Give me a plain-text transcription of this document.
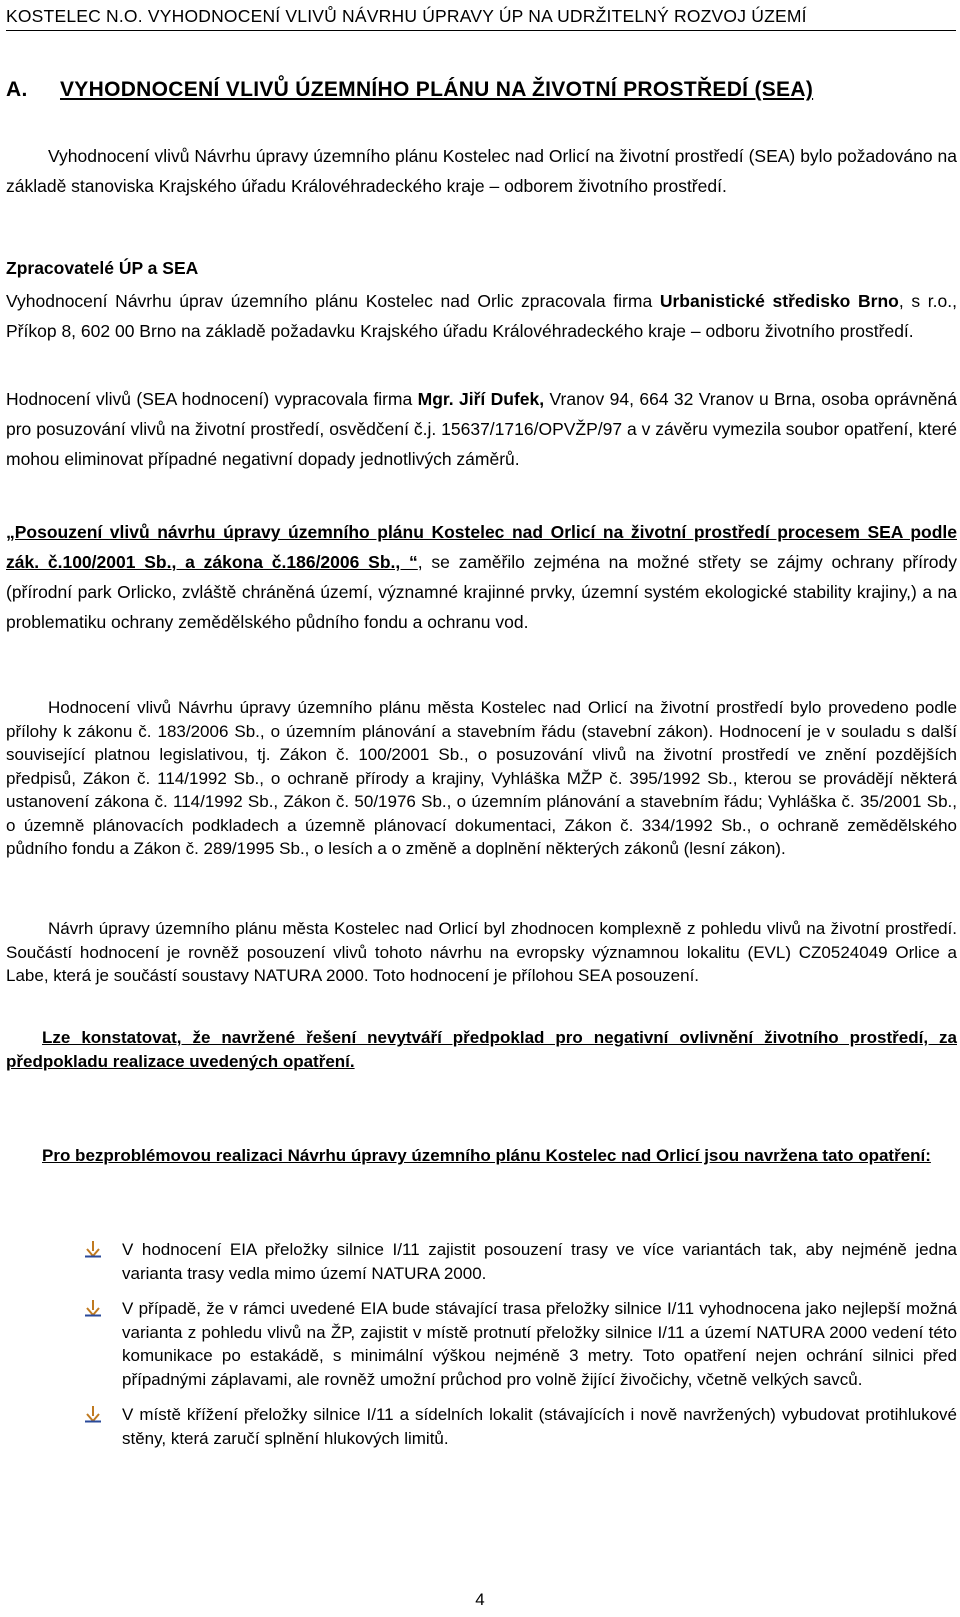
KOSTELEC N.O. VYHODNOCENÍ VLIVŮ NÁVRHU ÚPRAVY ÚP NA UDRŽITELNÝ ROZVOJ ÚZEMÍ
A. VYHODNOCENÍ VLIVŮ ÚZEMNÍHO PLÁNU NA ŽIVOTNÍ PROSTŘEDÍ (SEA)

Vyhodnocení vlivů Návrhu úpravy územního plánu Kostelec nad Orlicí na životní prostředí (SEA) bylo požadováno na základě stanoviska Krajského úřadu Královéhradeckého kraje – odborem životního prostředí.

Zpracovatelé ÚP a SEA

Vyhodnocení Návrhu úprav územního plánu Kostelec nad Orlic zpracovala firma Urbanistické středisko Brno, s r.o., Příkop 8, 602 00 Brno na základě požadavku Krajského úřadu Královéhradeckého kraje – odboru životního prostředí.

Hodnocení vlivů (SEA hodnocení) vypracovala firma Mgr. Jiří Dufek, Vranov 94, 664 32 Vranov u Brna, osoba oprávněná pro posuzování vlivů na životní prostředí, osvědčení č.j. 15637/1716/OPVŽP/97 a v závěru vymezila soubor opatření, které mohou eliminovat případné negativní dopady jednotlivých záměrů.

„Posouzení vlivů návrhu úpravy územního plánu Kostelec nad Orlicí na životní prostředí procesem SEA podle zák. č.100/2001 Sb., a zákona č.186/2006 Sb., “, se zaměřilo zejména na možné střety se zájmy ochrany přírody (přírodní park Orlicko, zvláště chráněná území, významné krajinné prvky, územní systém ekologické stability krajiny,) a na problematiku ochrany zemědělského půdního fondu a ochranu vod.

Hodnocení vlivů Návrhu úpravy územního plánu města Kostelec nad Orlicí na životní prostředí bylo provedeno podle přílohy k zákonu č. 183/2006 Sb., o územním plánování a stavebním řádu (stavební zákon). Hodnocení je v souladu s další související platnou legislativou, tj. Zákon č. 100/2001 Sb., o posuzování vlivů na životní prostředí ve znění pozdějších předpisů, Zákon č. 114/1992 Sb., o ochraně přírody a krajiny, Vyhláška MŽP č. 395/1992 Sb., kterou se provádějí některá ustanovení zákona č. 114/1992 Sb., Zákon č. 50/1976 Sb., o územním plánování a stavebním řádu; Vyhláška č. 35/2001 Sb., o územně plánovacích podkladech a územně plánovací dokumentaci, Zákon č. 334/1992 Sb., o ochraně zemědělského půdního fondu a Zákon č. 289/1995 Sb., o lesích a o změně a doplnění některých zákonů (lesní zákon).

Návrh úpravy územního plánu města Kostelec nad Orlicí byl zhodnocen komplexně z pohledu vlivů na životní prostředí. Součástí hodnocení je rovněž posouzení vlivů tohoto návrhu na evropsky významnou lokalitu (EVL) CZ0524049 Orlice a Labe, která je součástí soustavy NATURA 2000. Toto hodnocení je přílohou SEA posouzení.

Lze konstatovat, že navržené řešení nevytváří předpoklad pro negativní ovlivnění životního prostředí, za předpokladu realizace uvedených opatření.

Pro bezproblémovou realizaci Návrhu úpravy územního plánu Kostelec nad Orlicí jsou navržena tato opatření:

V hodnocení EIA přeložky silnice I/11 zajistit posouzení trasy ve více variantách tak, aby nejméně jedna varianta trasy vedla mimo území NATURA 2000.
V případě, že v rámci uvedené EIA bude stávající trasa přeložky silnice I/11 vyhodnocena jako nejlepší možná varianta z pohledu vlivů na ŽP, zajistit v místě protnutí přeložky silnice I/11 a území NATURA 2000 vedení této komunikace po estakádě, s minimální výškou nejméně 3 metry. Toto opatření nejen ochrání silnici před případnými záplavami, ale rovněž umožní průchod pro volně žijící živočichy, včetně velkých savců.
V místě křížení přeložky silnice I/11 a sídelních lokalit (stávajících i nově navržených) vybudovat protihlukové stěny, která zaručí splnění hlukových limitů.
4
